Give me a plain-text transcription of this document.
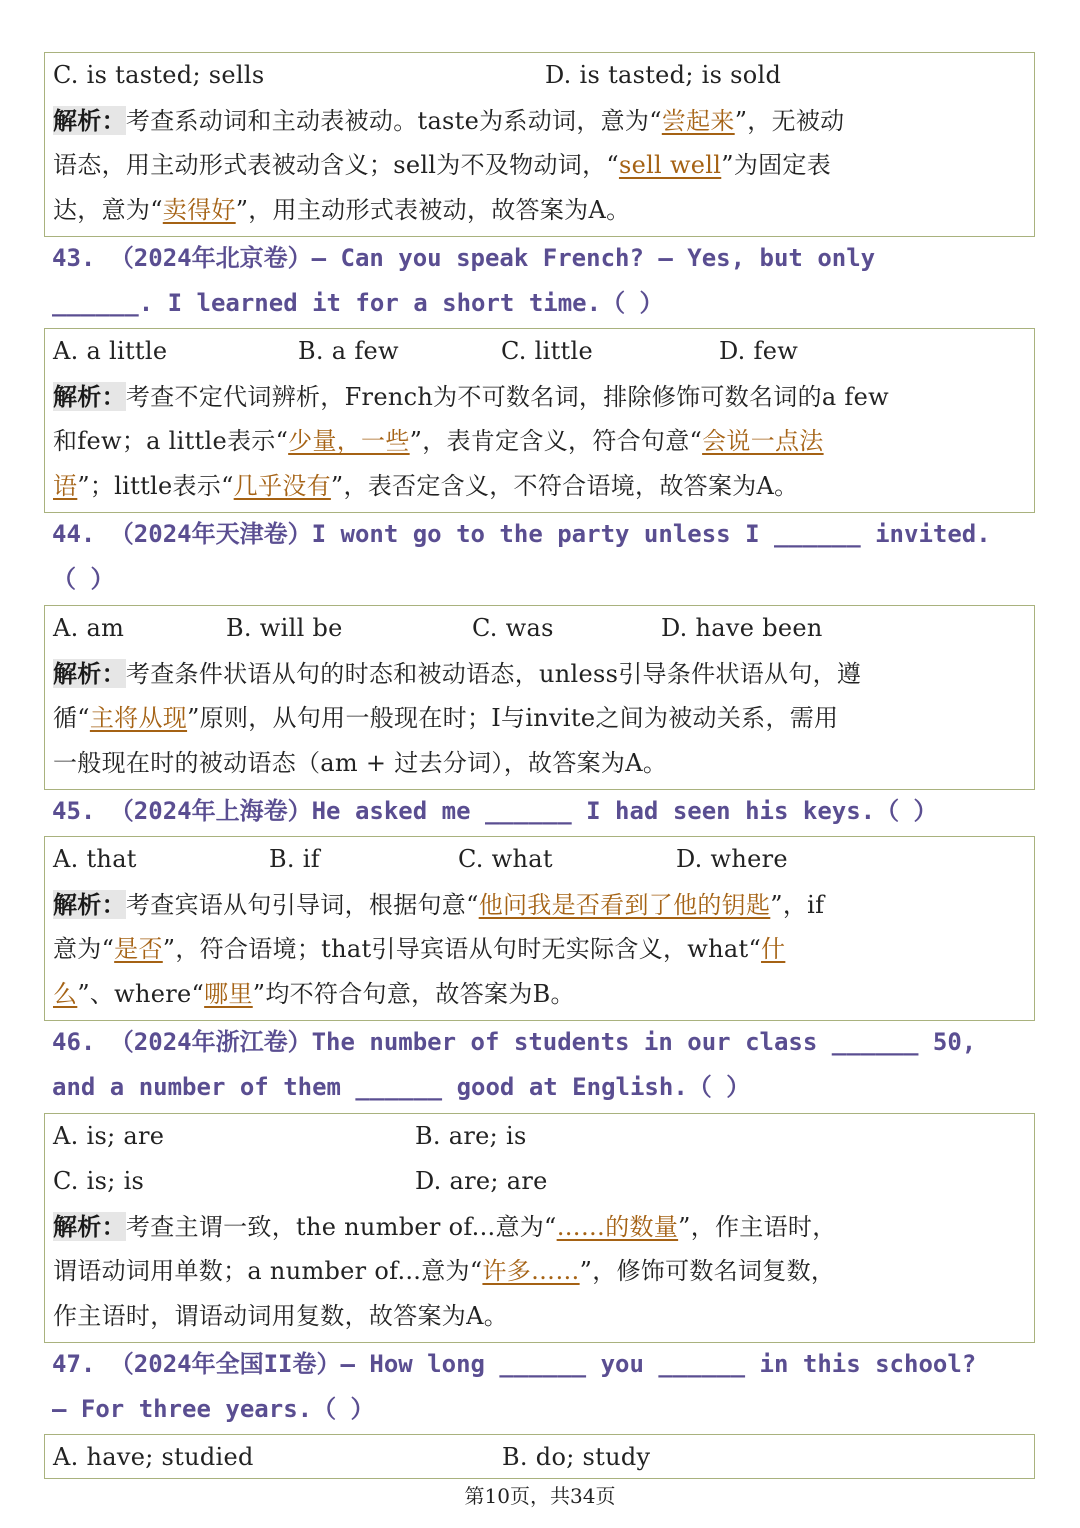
C. is tasted; sells	D. is tasted; is sold
解析：考查系动词和主动表被动。taste为系动词，意为“尝起来”，无被动
语态，用主动形式表被动含义；sell为不及物动词，“sell well”为固定表
达，意为“卖得好”，用主动形式表被动，故答案为A。
43. （2024年北京卷）— Can you speak French? — Yes, but only
______. I learned it for a short time.（ ）
A. a little	B. a few	C. little	D. few
解析：考查不定代词辨析，French为不可数名词，排除修饰可数名词的a few
和few；a little表示“少量，一些”，表肯定含义，符合句意“会说一点法
语”；little表示“几乎没有”，表否定含义，不符合语境，故答案为A。
44. （2024年天津卷）I wont go to the party unless I ______ invited.
（ ）
A. am	B. will be	C. was	D. have been
解析：考查条件状语从句的时态和被动语态，unless引导条件状语从句，遵
循“主将从现”原则，从句用一般现在时；I与invite之间为被动关系，需用
一般现在时的被动语态（am + 过去分词），故答案为A。
45. （2024年上海卷）He asked me ______ I had seen his keys.（ ）
A. that	B. if	C. what	D. where
解析：考查宾语从句引导词，根据句意“他问我是否看到了他的钥匙”，if
意为“是否”，符合语境；that引导宾语从句时无实际含义，what“什
么”、where“哪里”均不符合句意，故答案为B。
46. （2024年浙江卷）The number of students in our class ______ 50,
and a number of them ______ good at English.（ ）
A. is; are	B. are; is
C. is; is	D. are; are
解析：考查主谓一致，the number of...意为“……的数量”，作主语时，
谓语动词用单数；a number of...意为“许多……”，修饰可数名词复数，
作主语时，谓语动词用复数，故答案为A。
47. （2024年全国II卷）— How long ______ you ______ in this school?
— For three years.（ ）
A. have; studied	B. do; study
第10页，共34页
